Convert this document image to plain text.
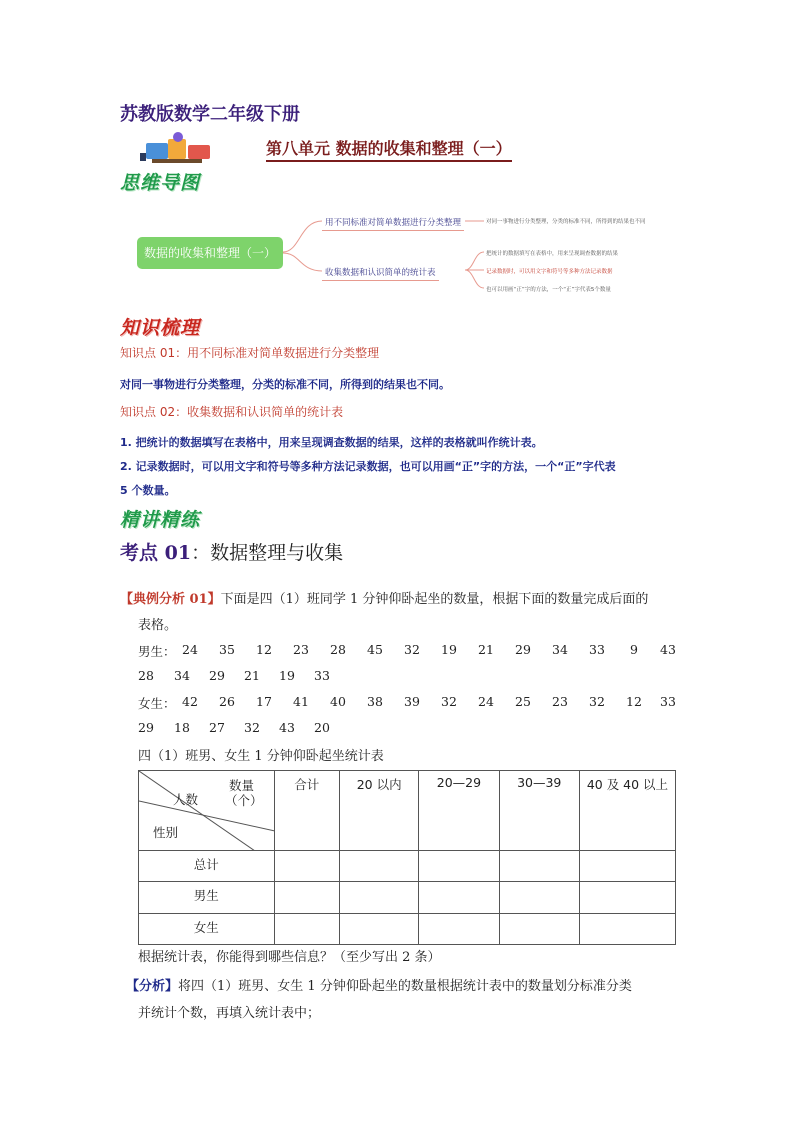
苏教版数学二年级下册
第八单元 数据的收集和整理（一）
思维导图
数据的收集和整理（一）
用不同标准对简单数据进行分类整理
收集数据和认识简单的统计表
对同一事物进行分类整理，分类的标准不同，所得到的结果也不同
把统计的数据填写在表格中，用来呈现调查数据的结果
记录数据时，可以用文字和符号等多种方法记录数据
也可以用画“正”字的方法，一个“正”字代表5个数量
知识梳理
知识点 01：用不同标准对简单数据进行分类整理
对同一事物进行分类整理，分类的标准不同，所得到的结果也不同。
知识点 02：收集数据和认识简单的统计表
1. 把统计的数据填写在表格中，用来呈现调查数据的结果，这样的表格就叫作统计表。
2. 记录数据时，可以用文字和符号等多种方法记录数据，也可以用画“正”字的方法，一个“正”字代表
5 个数量。
精讲精练
考点 01：数据整理与收集
【典例分析 01】下面是四（1）班同学 1 分钟仰卧起坐的数量，根据下面的数量完成后面的
表格。
男生： 24 35 12 23 28 45 32 19 21 29 34 33 9 43
28 34 29 21 19 33
女生： 42 26 17 41 40 38 39 32 24 25 23 32 12 33
29 18 27 32 43 20
四（1）班男、女生 1 分钟仰卧起坐统计表
数量
（个）
人数
性别	合计	20 以内	20—29	30—39	40 及 40 以上
总计					
男生					
女生					
根据统计表，你能得到哪些信息？（至少写出 2 条）
【分析】将四（1）班男、女生 1 分钟仰卧起坐的数量根据统计表中的数量划分标准分类
并统计个数，再填入统计表中；
